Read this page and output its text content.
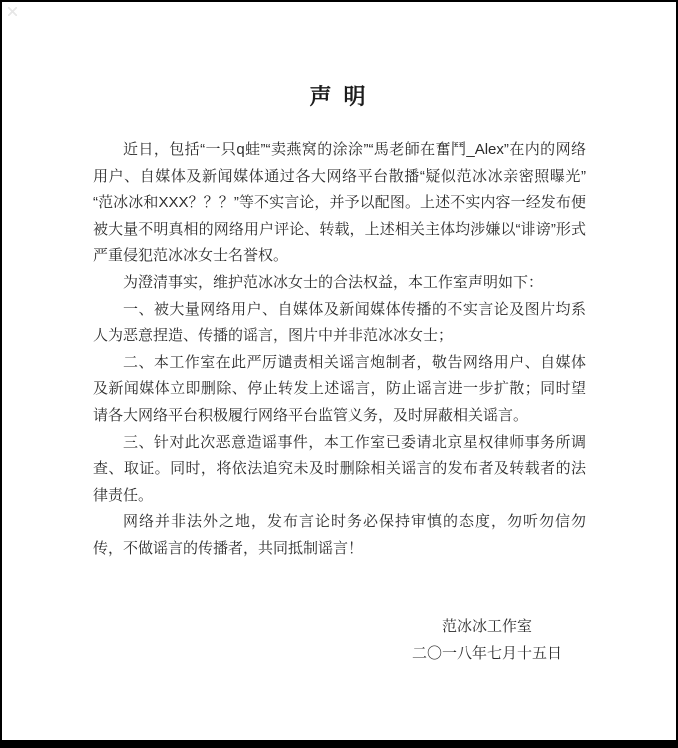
声 明

近日，包括“一只q蛙”“卖燕窝的涂涂”“馬老師在奮鬥_Alex”在内的网络用户、自媒体及新闻媒体通过各大网络平台散播“疑似范冰冰亲密照曝光”“范冰冰和XXX？？？”等不实言论，并予以配图。上述不实内容一经发布便被大量不明真相的网络用户评论、转载，上述相关主体均涉嫌以“诽谤”形式严重侵犯范冰冰女士名誉权。

为澄清事实，维护范冰冰女士的合法权益，本工作室声明如下：

一、被大量网络用户、自媒体及新闻媒体传播的不实言论及图片均系人为恶意捏造、传播的谣言，图片中并非范冰冰女士；

二、本工作室在此严厉谴责相关谣言炮制者，敬告网络用户、自媒体及新闻媒体立即删除、停止转发上述谣言，防止谣言进一步扩散；同时望请各大网络平台积极履行网络平台监管义务，及时屏蔽相关谣言。

三、针对此次恶意造谣事件，本工作室已委请北京星权律师事务所调查、取证。同时，将依法追究未及时删除相关谣言的发布者及转载者的法律责任。

网络并非法外之地，发布言论时务必保持审慎的态度，勿听勿信勿传，不做谣言的传播者，共同抵制谣言！

范冰冰工作室
二〇一八年七月十五日
